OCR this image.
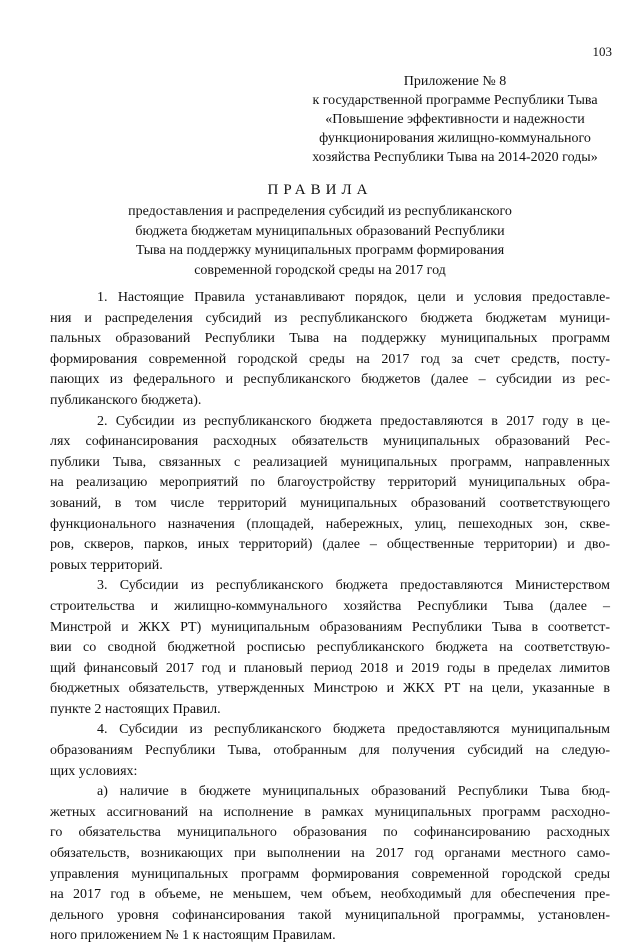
103
Приложение № 8
к государственной программе Республики Тыва
«Повышение эффективности и надежности
функционирования жилищно-коммунального
хозяйства Республики Тыва на 2014-2020 годы»
ПРАВИЛА
предоставления и распределения субсидий из республиканского
бюджета бюджетам муниципальных образований Республики
Тыва на поддержку муниципальных программ формирования
современной городской среды на 2017 год
1. Настоящие Правила устанавливают порядок, цели и условия предоставле-
ния и распределения субсидий из республиканского бюджета бюджетам муници-
пальных образований Республики Тыва на поддержку муниципальных программ
формирования современной городской среды на 2017 год за счет средств, посту-
пающих из федерального и республиканского бюджетов (далее – субсидии из рес-
публиканского бюджета).
2. Субсидии из республиканского бюджета предоставляются в 2017 году в це-
лях софинансирования расходных обязательств муниципальных образований Рес-
публики Тыва, связанных с реализацией муниципальных программ, направленных
на реализацию мероприятий по благоустройству территорий муниципальных обра-
зований, в том числе территорий муниципальных образований соответствующего
функционального назначения (площадей, набережных, улиц, пешеходных зон, скве-
ров, скверов, парков, иных территорий) (далее – общественные территории) и дво-
ровых территорий.
3. Субсидии из республиканского бюджета предоставляются Министерством
строительства и жилищно-коммунального хозяйства Республики Тыва (далее –
Минстрой и ЖКХ РТ) муниципальным образованиям Республики Тыва в соответст-
вии со сводной бюджетной росписью республиканского бюджета на соответствую-
щий финансовый 2017 год и плановый период 2018 и 2019 годы в пределах лимитов
бюджетных обязательств, утвержденных Минстрою и ЖКХ РТ на цели, указанные в
пункте 2 настоящих Правил.
4. Субсидии из республиканского бюджета предоставляются муниципальным
образованиям Республики Тыва, отобранным для получения субсидий на следую-
щих условиях:
а) наличие в бюджете муниципальных образований Республики Тыва бюд-
жетных ассигнований на исполнение в рамках муниципальных программ расходно-
го обязательства муниципального образования по софинансированию расходных
обязательств, возникающих при выполнении на 2017 год органами местного само-
управления муниципальных программ формирования современной городской среды
на 2017 год в объеме, не меньшем, чем объем, необходимый для обеспечения пре-
дельного уровня софинансирования такой муниципальной программы, установлен-
ного приложением № 1 к настоящим Правилам.
